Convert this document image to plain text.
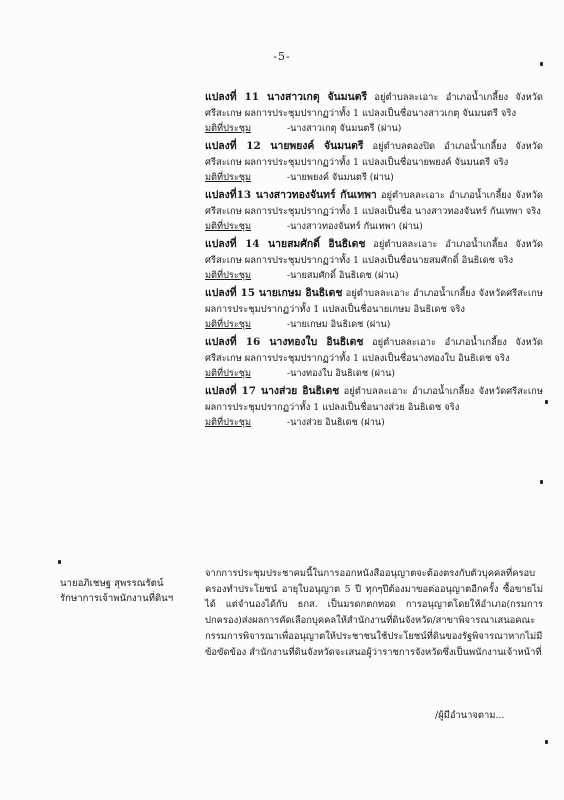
-5-

แปลงที่ 11 นางสาวเกตุ จันมนตรี อยู่ตำบลละเอาะ อำเภอน้ำเกลี้ยง จังหวัดศรีสะเกษ ผลการประชุมปรากฏว่าทั้ง 1 แปลงเป็นชื่อนางสาวเกตุ จันมนตรี จริง

มติที่ประชุม	-นางสาวเกตุ จันมนตรี (ผ่าน)

แปลงที่ 12 นายพยงค์ จันมนตรี อยู่ตำบลตองปิด อำเภอน้ำเกลี้ยง จังหวัดศรีสะเกษ ผลการประชุมปรากฏว่าทั้ง 1 แปลงเป็นชื่อนายพยงค์ จันมนตรี จริง

มติที่ประชุม	-นายพยงค์ จันมนตรี (ผ่าน)

แปลงที่13 นางสาวทองจันทร์ กันเทพา อยู่ตำบลละเอาะ อำเภอน้ำเกลี้ยง จังหวัดศรีสะเกษ ผลการประชุมปรากฏว่าทั้ง 1 แปลงเป็นชื่อ นางสาวทองจันทร์ กันเทพา จริง

มติที่ประชุม	-นางสาวทองจันทร์ กันเทพา (ผ่าน)

แปลงที่ 14 นายสมศักดิ์ อินธิเดช อยู่ตำบลละเอาะ อำเภอน้ำเกลี้ยง จังหวัดศรีสะเกษ ผลการประชุมปรากฏว่าทั้ง 1 แปลงเป็นชื่อนายสมศักดิ์ อินธิเดช จริง

มติที่ประชุม	-นายสมศักดิ์ อินธิเดช (ผ่าน)

แปลงที่ 15 นายเกษม อินธิเดช อยู่ตำบลละเอาะ อำเภอน้ำเกลี้ยง จังหวัดศรีสะเกษ ผลการประชุมปรากฏว่าทั้ง 1 แปลงเป็นชื่อนายเกษม อินธิเดช จริง

มติที่ประชุม	-นายเกษม อินธิเดช (ผ่าน)

แปลงที่ 16 นางทองใบ อินธิเดช อยู่ตำบลละเอาะ อำเภอน้ำเกลี้ยง จังหวัดศรีสะเกษ ผลการประชุมปรากฏว่าทั้ง 1 แปลงเป็นชื่อนางทองใบ อินธิเดช จริง

มติที่ประชุม	-นางทองใบ อินธิเดช (ผ่าน)

แปลงที่ 17 นางส่วย อินธิเดช อยู่ตำบลละเอาะ อำเภอน้ำเกลี้ยง จังหวัดศรีสะเกษ ผลการประชุมปรากฏว่าทั้ง 1 แปลงเป็นชื่อนางส่วย อินธิเดช จริง

มติที่ประชุม	-นางส่วย อินธิเดช (ผ่าน)

นายอภิเชษฐ สุพรรณรัตน์
รักษาการเจ้าพนักงานที่ดินฯ

จากการประชุมประชาคมนี้ในการออกหนังสืออนุญาตจะต้องตรงกับตัวบุคคลที่ครอบครองทำประโยชน์ อายุใบอนุญาต 5 ปี ทุกๆปีต้องมาขอต่ออนุญาตอีกครั้ง ซื้อขายไม่ได้ แต่จำนองได้กับ ธกส. เป็นมรดกตกทอด การอนุญาตโดยให้อำเภอ(กรมการปกครอง)ส่งผลการคัดเลือกบุคคลให้สำนักงานที่ดินจังหวัด/สาขาพิจารณาเสนอคณะกรรมการพิจารณาเพื่ออนุญาตให้ประชาชนใช้ประโยชน์ที่ดินของรัฐพิจารณาหากไม่มีข้อขัดข้อง สำนักงานที่ดินจังหวัดจะเสนอผู้ว่าราชการจังหวัดซึ่งเป็นพนักงานเจ้าหน้าที่

/ผู้มีอำนาจตาม...
